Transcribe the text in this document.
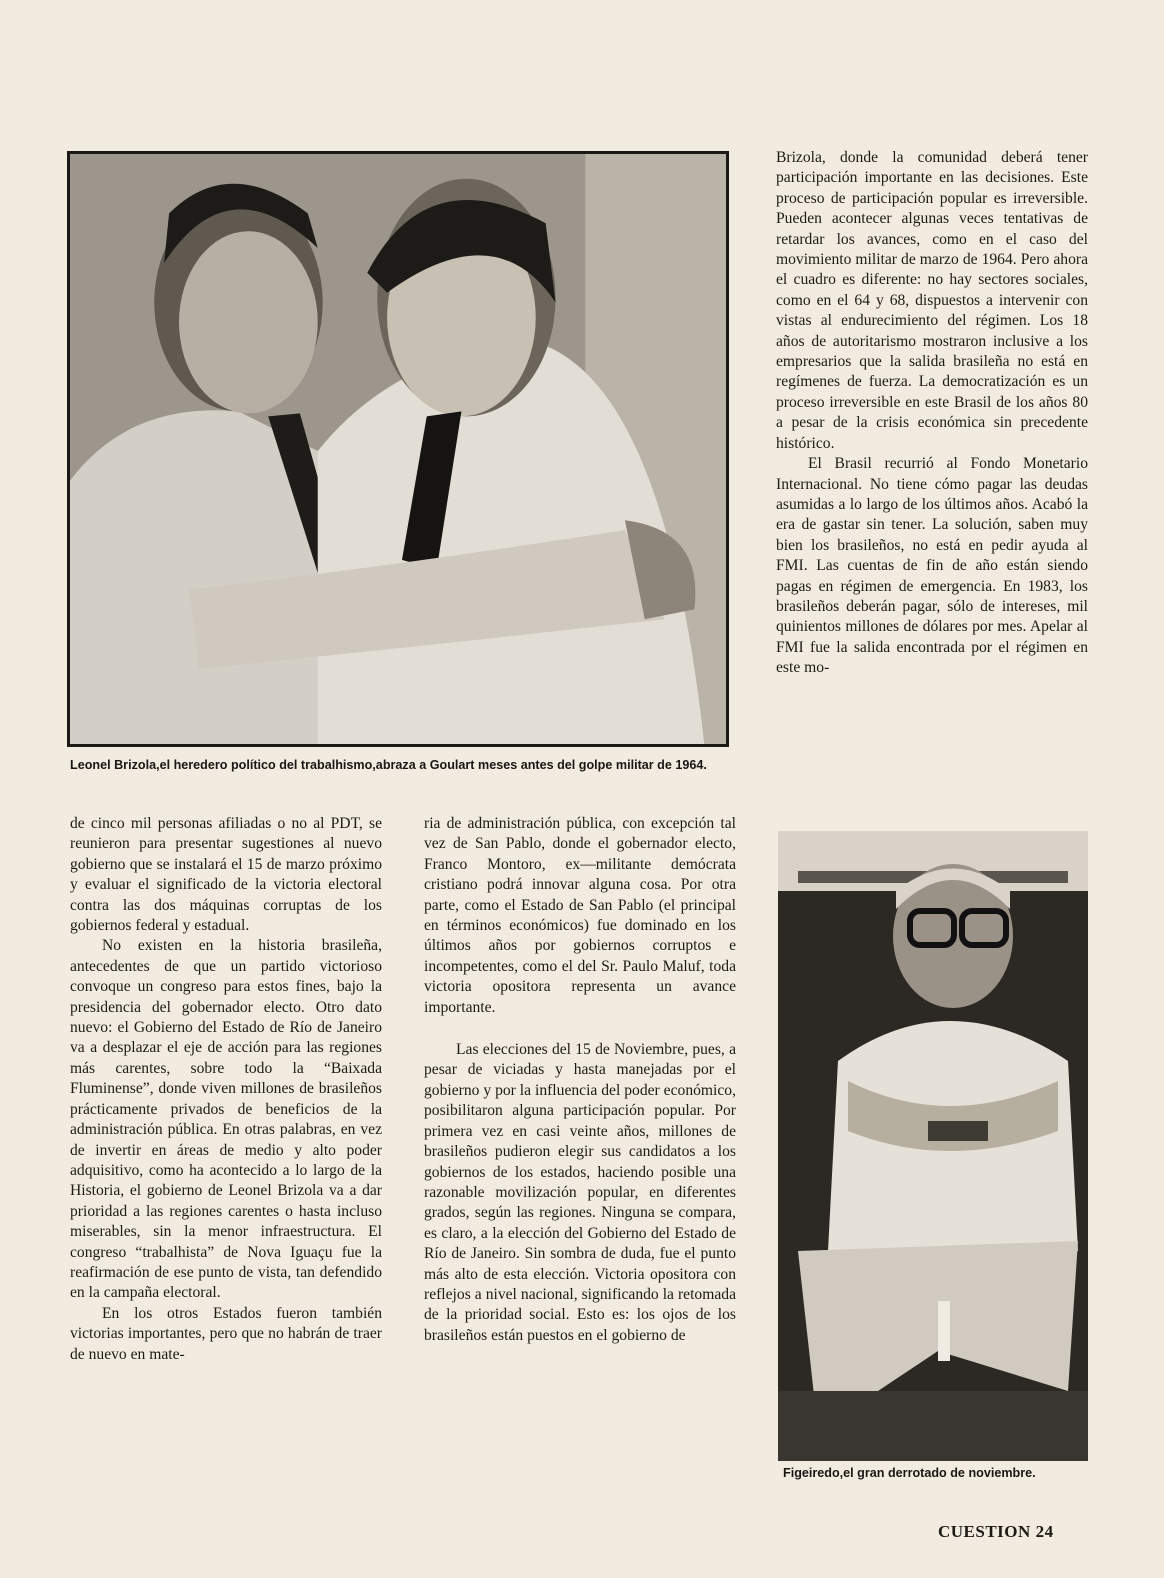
Leonel Brizola,el heredero político del trabalhismo,abraza a Goulart meses antes del golpe militar de 1964.

de cinco mil personas afiliadas o no al PDT, se reunieron para presentar sugestiones al nuevo gobierno que se instalará el 15 de marzo próximo y evaluar el significado de la victoria electoral contra las dos máquinas corruptas de los gobiernos federal y estadual.

No existen en la historia brasileña, antecedentes de que un partido victorioso convoque un congreso para estos fines, bajo la presidencia del gobernador electo. Otro dato nuevo: el Gobierno del Estado de Río de Janeiro va a desplazar el eje de acción para las regiones más carentes, sobre todo la “Baixada Fluminense”, donde viven millones de brasileños prácticamente privados de beneficios de la administración pública. En otras palabras, en vez de invertir en áreas de medio y alto poder adquisitivo, como ha acontecido a lo largo de la Historia, el gobierno de Leonel Brizola va a dar prioridad a las regiones carentes o hasta incluso miserables, sin la menor infraestructura. El congreso “trabalhista” de Nova Iguaçu fue la reafirmación de ese punto de vista, tan defendido en la campaña electoral.

En los otros Estados fueron también victorias importantes, pero que no habrán de traer de nuevo en mate-

ria de administración pública, con excepción tal vez de San Pablo, donde el gobernador electo, Franco Montoro, ex—militante demócrata cristiano podrá innovar alguna cosa. Por otra parte, como el Estado de San Pablo (el principal en términos económicos) fue dominado en los últimos años por gobiernos corruptos e incompetentes, como el del Sr. Paulo Maluf, toda victoria opositora representa un avance importante.

Las elecciones del 15 de Noviembre, pues, a pesar de viciadas y hasta manejadas por el gobierno y por la influencia del poder económico, posibilitaron alguna participación popular. Por primera vez en casi veinte años, millones de brasileños pudieron elegir sus candidatos a los gobiernos de los estados, haciendo posible una razonable movilización popular, en diferentes grados, según las regiones. Ninguna se compara, es claro, a la elección del Gobierno del Estado de Río de Janeiro. Sin sombra de duda, fue el punto más alto de esta elección. Victoria opositora con reflejos a nivel nacional, significando la retomada de la prioridad social. Esto es: los ojos de los brasileños están puestos en el gobierno de

Brizola, donde la comunidad deberá tener participación importante en las decisiones. Este proceso de participación popular es irreversible. Pueden acontecer algunas veces tentativas de retardar los avances, como en el caso del movimiento militar de marzo de 1964. Pero ahora el cuadro es diferente: no hay sectores sociales, como en el 64 y 68, dispuestos a intervenir con vistas al endurecimiento del régimen. Los 18 años de autoritarismo mostraron inclusive a los empresarios que la salida brasileña no está en regímenes de fuerza. La democratización es un proceso irreversible en este Brasil de los años 80 a pesar de la crisis económica sin precedente histórico.

El Brasil recurrió al Fondo Monetario Internacional. No tiene cómo pagar las deudas asumidas a lo largo de los últimos años. Acabó la era de gastar sin tener. La solución, saben muy bien los brasileños, no está en pedir ayuda al FMI. Las cuentas de fin de año están siendo pagas en régimen de emergencia. En 1983, los brasileños deberán pagar, sólo de intereses, mil quinientos millones de dólares por mes. Apelar al FMI fue la salida encontrada por el régimen en este mo-

Figeiredo,el gran derrotado de noviembre.
CUESTION 24
